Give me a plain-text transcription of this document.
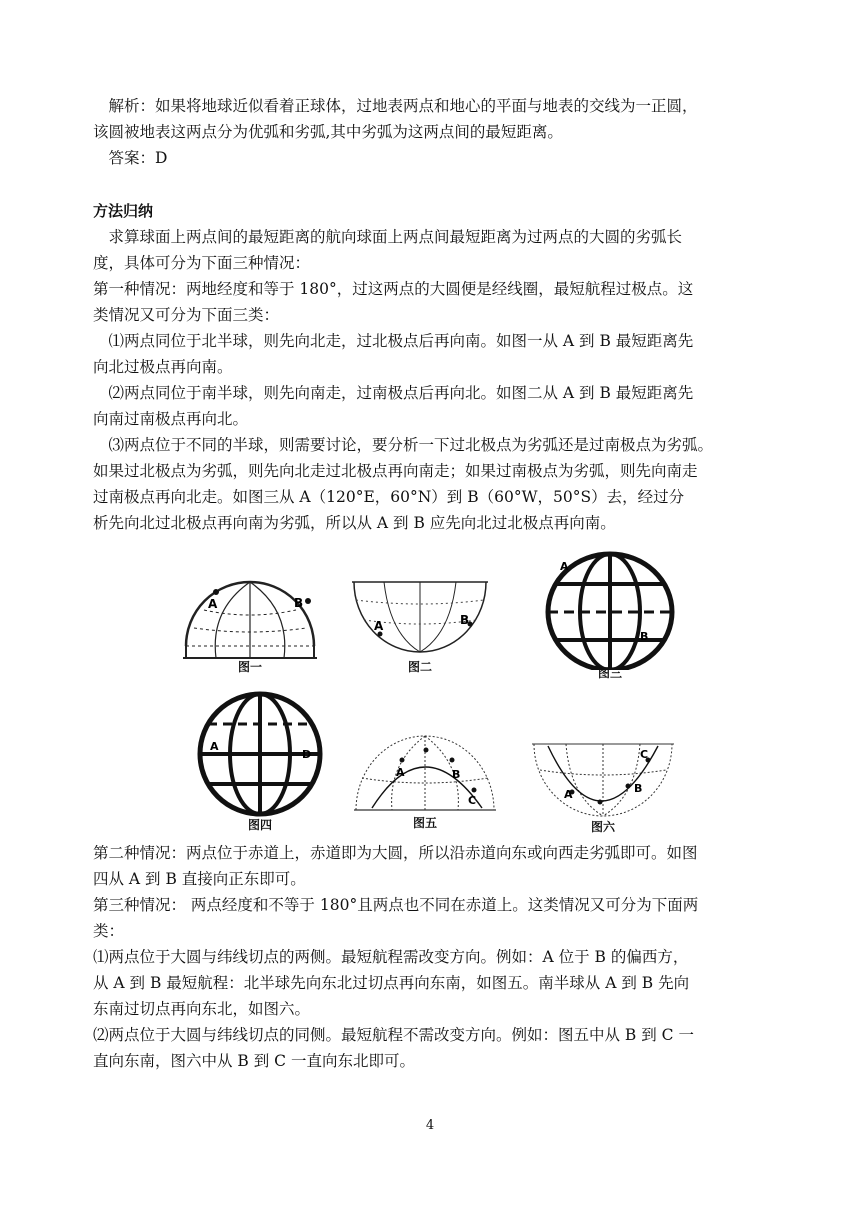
　解析：如果将地球近似看着正球体，过地表两点和地心的平面与地表的交线为一正圆，
该圆被地表这两点分为优弧和劣弧,其中劣弧为这两点间的最短距离。
　答案：D
方法归纳
　求算球面上两点间的最短距离的航向球面上两点间最短距离为过两点的大圆的劣弧长
度，具体可分为下面三种情况：
第一种情况：两地经度和等于 180°，过这两点的大圆便是经线圈，最短航程过极点。这
类情况又可分为下面三类：
　⑴两点同位于北半球，则先向北走，过北极点后再向南。如图一从 A 到 B 最短距离先
向北过极点再向南。
　⑵两点同位于南半球，则先向南走，过南极点后再向北。如图二从 A 到 B 最短距离先
向南过南极点再向北。
　⑶两点位于不同的半球，则需要讨论，要分析一下过北极点为劣弧还是过南极点为劣弧。
如果过北极点为劣弧，则先向北走过北极点再向南走；如果过南极点为劣弧，则先向南走
过南极点再向北走。如图三从 A（120°E，60°N）到 B（60°W，50°S）去，经过分
析先向北过北极点再向南为劣弧，所以从 A 到 B 应先向北过北极点再向南。
A	B
图一
A	B
图二
A
B
图三
A
D
图四
A	B
C
图五
A	B
C
图六
第二种情况：两点位于赤道上，赤道即为大圆，所以沿赤道向东或向西走劣弧即可。如图
四从 A 到 B 直接向正东即可。
第三种情况： 两点经度和不等于 180°且两点也不同在赤道上。这类情况又可分为下面两
类：
⑴两点位于大圆与纬线切点的两侧。最短航程需改变方向。例如：A 位于 B 的偏西方，
从 A 到 B 最短航程：北半球先向东北过切点再向东南，如图五。南半球从 A 到 B 先向
东南过切点再向东北，如图六。
⑵两点位于大圆与纬线切点的同侧。最短航程不需改变方向。例如：图五中从 B 到 C 一
直向东南，图六中从 B 到 C 一直向东北即可。
4
